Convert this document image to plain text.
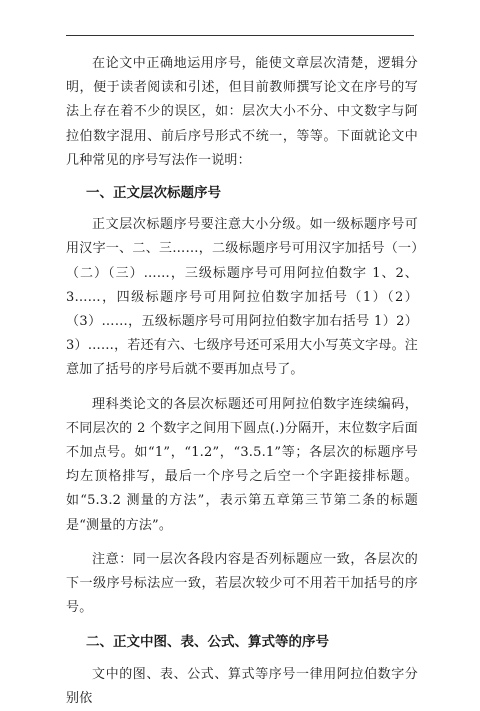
在论文中正确地运用序号，能使文章层次清楚，逻辑分明，便于读者阅读和引述，但目前教师撰写论文在序号的写法上存在着不少的误区，如：层次大小不分、中文数字与阿拉伯数字混用、前后序号形式不统一，等等。下面就论文中几种常见的序号写法作一说明：

一、正文层次标题序号

正文层次标题序号要注意大小分级。如一级标题序号可用汉字一、二、三……，二级标题序号可用汉字加括号（一）（二）（三）……，三级标题序号可用阿拉伯数字 1、2、3……，四级标题序号可用阿拉伯数字加括号（1）（2）（3）……，五级标题序号可用阿拉伯数字加右括号 1）2）3）……，若还有六、七级序号还可采用大小写英文字母。注意加了括号的序号后就不要再加点号了。

理科类论文的各层次标题还可用阿拉伯数字连续编码，不同层次的 2 个数字之间用下圆点(.)分隔开，末位数字后面不加点号。如“1”，“1.2”，“3.5.1”等；各层次的标题序号均左顶格排写，最后一个序号之后空一个字距接排标题。如“5.3.2 测量的方法”，表示第五章第三节第二条的标题是“测量的方法”。

注意：同一层次各段内容是否列标题应一致，各层次的下一级序号标法应一致，若层次较少可不用若干加括号的序号。

二、正文中图、表、公式、算式等的序号

文中的图、表、公式、算式等序号一律用阿拉伯数字分别依
